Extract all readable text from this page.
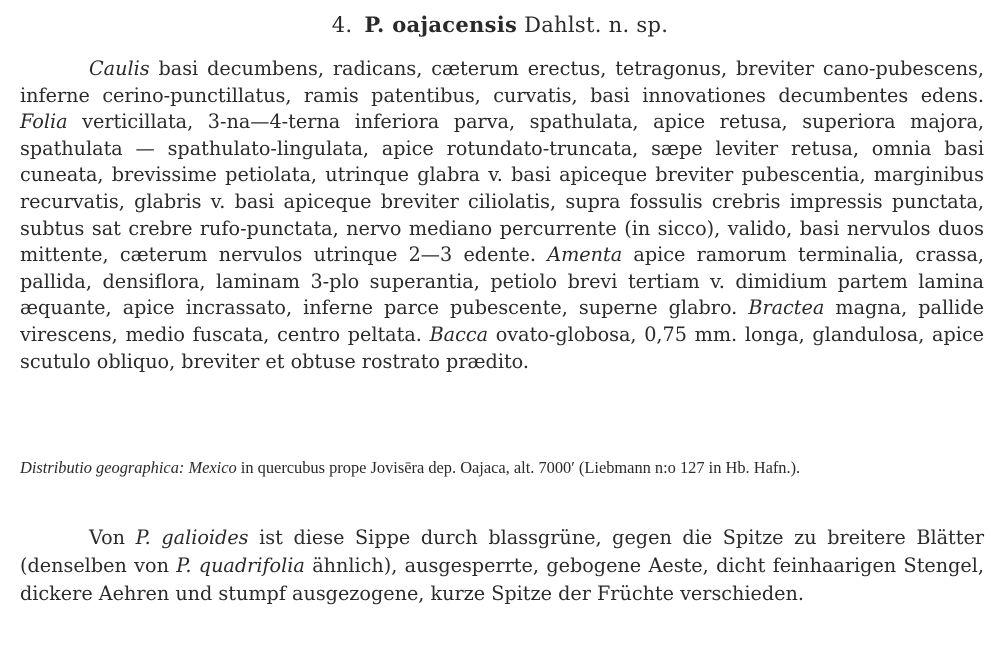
4. P. oajacensis Dahlst. n. sp.

Caulis basi decumbens, radicans, cæterum erectus, tetragonus, breviter cano-pubescens, inferne cerino-punctillatus, ramis patentibus, curvatis, basi innovationes decumbentes edens. Folia verticillata, 3-na—4-terna inferiora parva, spathulata, apice retusa, superiora majora, spathulata — spathulato-lingulata, apice rotundato-truncata, sæpe leviter retusa, omnia basi cuneata, brevissime petiolata, utrinque glabra v. basi apiceque breviter pubescentia, marginibus recurvatis, glabris v. basi apiceque breviter ciliolatis, supra fossulis crebris impressis punctata, subtus sat crebre rufo-punctata, nervo mediano percurrente (in sicco), valido, basi nervulos duos mittente, cæterum nervulos utrinque 2—3 edente. Amenta apice ramorum terminalia, crassa, pallida, densiflora, laminam 3-plo superantia, petiolo brevi tertiam v. dimidium partem lamina æquante, apice incrassato, inferne parce pubescente, superne glabro. Bractea magna, pallide virescens, medio fuscata, centro peltata. Bacca ovato-globosa, 0,75 mm. longa, glandulosa, apice scutulo obliquo, breviter et obtuse rostrato prædito.

Distributio geographica: Mexico in quercubus prope Jovisēra dep. Oajaca, alt. 7000′ (Liebmann n:o 127 in Hb. Hafn.).

Von P. galioides ist diese Sippe durch blassgrüne, gegen die Spitze zu breitere Blätter (denselben von P. quadrifolia ähnlich), ausgesperrte, gebogene Aeste, dicht feinhaarigen Stengel, dickere Aehren und stumpf ausgezogene, kurze Spitze der Früchte verschieden.
